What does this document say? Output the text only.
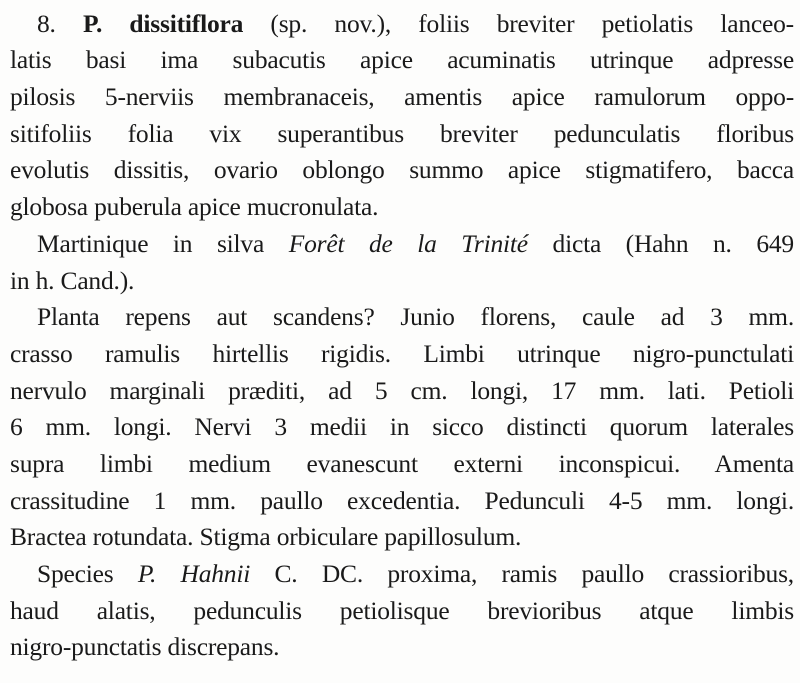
8. P. dissitiflora (sp. nov.), foliis breviter petiolatis lanceo-
latis basi ima subacutis apice acuminatis utrinque adpresse
pilosis 5-nerviis membranaceis, amentis apice ramulorum oppo-
sitifoliis folia vix superantibus breviter pedunculatis floribus
evolutis dissitis, ovario oblongo summo apice stigmatifero, bacca
globosa puberula apice mucronulata.
Martinique in silva Forêt de la Trinité dicta (Hahn n. 649
in h. Cand.).
Planta repens aut scandens? Junio florens, caule ad 3 mm.
crasso ramulis hirtellis rigidis. Limbi utrinque nigro-punctulati
nervulo marginali præditi, ad 5 cm. longi, 17 mm. lati. Petioli
6 mm. longi. Nervi 3 medii in sicco distincti quorum laterales
supra limbi medium evanescunt externi inconspicui. Amenta
crassitudine 1 mm. paullo excedentia. Pedunculi 4-5 mm. longi.
Bractea rotundata. Stigma orbiculare papillosulum.
Species P. Hahnii C. DC. proxima, ramis paullo crassioribus,
haud alatis, pedunculis petiolisque brevioribus atque limbis
nigro-punctatis discrepans.
